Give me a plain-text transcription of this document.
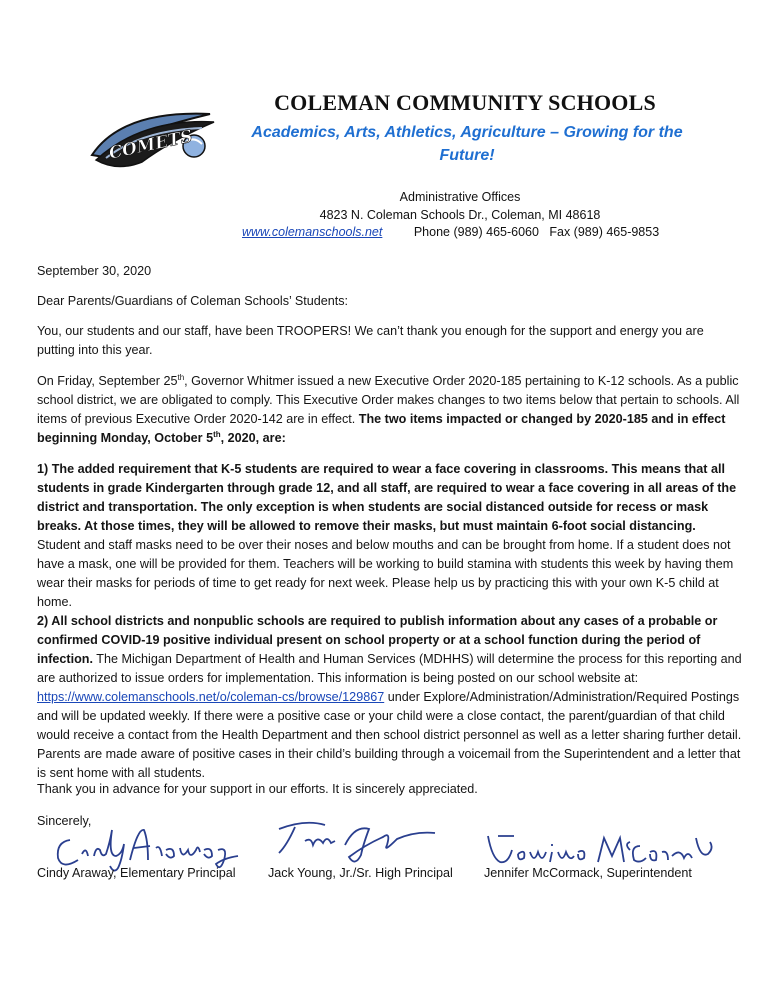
COMETS
COLEMAN COMMUNITY SCHOOLS
Academics, Arts, Athletics, Agriculture – Growing for the Future!
Administrative Offices
4823 N. Coleman Schools Dr., Coleman, MI 48618
www.colemanschools.net	Phone (989) 465-6060 Fax (989) 465-9853
September 30, 2020
Dear Parents/Guardians of Coleman Schools’ Students:
You, our students and our staff, have been TROOPERS! We can’t thank you enough for the support and energy you are putting into this year.
On Friday, September 25th, Governor Whitmer issued a new Executive Order 2020-185 pertaining to K-12 schools. As a public school district, we are obligated to comply. This Executive Order makes changes to two items below that pertain to schools. All items of previous Executive Order 2020-142 are in effect. The two items impacted or changed by 2020-185 and in effect beginning Monday, October 5th, 2020, are:
1) The added requirement that K-5 students are required to wear a face covering in classrooms. This means that all students in grade Kindergarten through grade 12, and all staff, are required to wear a face covering in all areas of the district and transportation. The only exception is when students are social distanced outside for recess or mask breaks. At those times, they will be allowed to remove their masks, but must maintain 6-foot social distancing. Student and staff masks need to be over their noses and below mouths and can be brought from home. If a student does not have a mask, one will be provided for them. Teachers will be working to build stamina with students this week by having them wear their masks for periods of time to get ready for next week. Please help us by practicing this with your own K-5 child at home.
2) All school districts and nonpublic schools are required to publish information about any cases of a probable or confirmed COVID-19 positive individual present on school property or at a school function during the period of infection. The Michigan Department of Health and Human Services (MDHHS) will determine the process for this reporting and are authorized to issue orders for implementation. This information is being posted on our school website at: https://www.colemanschools.net/o/coleman-cs/browse/129867 under Explore/Administration/Administration/Required Postings and will be updated weekly. If there were a positive case or your child were a close contact, the parent/guardian of that child would receive a contact from the Health Department and then school district personnel as well as a letter sharing further detail. Parents are made aware of positive cases in their child’s building through a voicemail from the Superintendent and a letter that is sent home with all students.
Thank you in advance for your support in our efforts. It is sincerely appreciated.
Sincerely,
Cindy Araway, Elementary Principal	Jack Young, Jr./Sr. High Principal Jennifer McCormack, Superintendent
